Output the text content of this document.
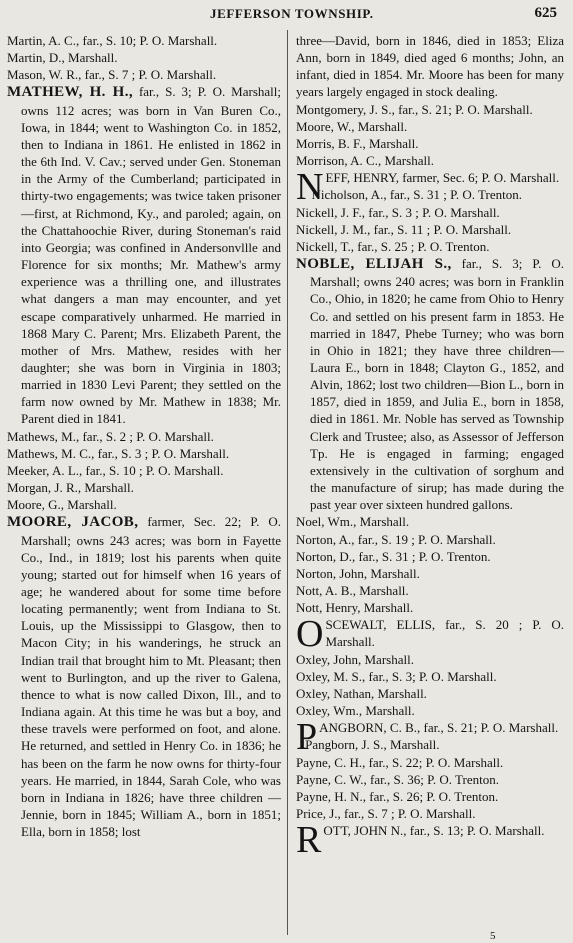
JEFFERSON TOWNSHIP.	625

Martin, A. C., far., S. 10; P. O. Marshall.

Martin, D., Marshall.

Mason, W. R., far., S. 7 ; P. O. Marshall.

MATHEW, H. H., far., S. 3; P. O. Marshall; owns 112 acres; was born in Van Buren Co., Iowa, in 1844; went to Washington Co. in 1852, then to Indiana in 1861. He enlisted in 1862 in the 6th Ind. V. Cav.; served under Gen. Stoneman in the Army of the Cumberland; participated in thirty-two engagements; was twice taken prisoner —first, at Richmond, Ky., and paroled; again, on the Chattahoochie River, during Stoneman's raid into Georgia; was confined in Andersonvllle and Florence for six months; Mr. Mathew's army experience was a thrilling one, and illustrates what dangers a man may encounter, and yet escape comparatively unharmed. He married in 1868 Mary C. Parent; Mrs. Elizabeth Parent, the mother of Mrs. Mathew, resides with her daughter; she was born in Virginia in 1803; married in 1830 Levi Parent; they settled on the farm now owned by Mr. Mathew in 1838; Mr. Parent died in 1841.

Mathews, M., far., S. 2 ; P. O. Marshall.

Mathews, M. C., far., S. 3 ; P. O. Marshall.

Meeker, A. L., far., S. 10 ; P. O. Marshall.

Morgan, J. R., Marshall.

Moore, G., Marshall.

MOORE, JACOB, farmer, Sec. 22; P. O. Marshall; owns 243 acres; was born in Fayette Co., Ind., in 1819; lost his parents when quite young; started out for himself when 16 years of age; he wandered about for some time before locating permanently; went from Indiana to St. Louis, up the Mississippi to Glasgow, then to Macon City; in his wanderings, he struck an Indian trail that brought him to Mt. Pleasant; then went to Burlington, and up the river to Galena, thence to what is now called Dixon, Ill., and to Indiana again. At this time he was but a boy, and these travels were performed on foot, and alone. He returned, and settled in Henry Co. in 1836; he has been on the farm he now owns for thirty-four years. He married, in 1844, Sarah Cole, who was born in Indiana in 1826; have three children —Jennie, born in 1845; William A., born in 1851; Ella, born in 1858; lost

three—David, born in 1846, died in 1853; Eliza Ann, born in 1849, died aged 6 months; John, an infant, died in 1854. Mr. Moore has been for many years largely engaged in stock dealing.

Montgomery, J. S., far., S. 21; P. O. Marshall.

Moore, W., Marshall.

Morris, B. F., Marshall.

Morrison, A. C., Marshall.

NEFF, HENRY, farmer, Sec. 6; P. O. Marshall.

Nicholson, A., far., S. 31 ; P. O. Trenton.

Nickell, J. F., far., S. 3 ; P. O. Marshall.

Nickell, J. M., far., S. 11 ; P. O. Marshall.

Nickell, T., far., S. 25 ; P. O. Trenton.

NOBLE, ELIJAH S., far., S. 3; P. O. Marshall; owns 240 acres; was born in Franklin Co., Ohio, in 1820; he came from Ohio to Henry Co. and settled on his present farm in 1853. He married in 1847, Phebe Turney; who was born in Ohio in 1821; they have three children—Laura E., born in 1848; Clayton G., 1852, and Alvin, 1862; lost two children—Bion L., born in 1857, died in 1859, and Julia E., born in 1858, died in 1861. Mr. Noble has served as Township Clerk and Trustee; also, as Assessor of Jefferson Tp. He is engaged in farming; engaged extensively in the cultivation of sorghum and the manufacture of sirup; has made during the past year over sixteen hundred gallons.

Noel, Wm., Marshall.

Norton, A., far., S. 19 ; P. O. Marshall.

Norton, D., far., S. 31 ; P. O. Trenton.

Norton, John, Marshall.

Nott, A. B., Marshall.

Nott, Henry, Marshall.

OSCEWALT, ELLIS, far., S. 20 ; P. O. Marshall.

Oxley, John, Marshall.

Oxley, M. S., far., S. 3; P. O. Marshall.

Oxley, Nathan, Marshall.

Oxley, Wm., Marshall.

PANGBORN, C. B., far., S. 21; P. O. Marshall.

Pangborn, J. S., Marshall.

Payne, C. H., far., S. 22; P. O. Marshall.

Payne, C. W., far., S. 36; P. O. Trenton.

Payne, H. N., far., S. 26; P. O. Trenton.

Price, J., far., S. 7 ; P. O. Marshall.

ROTT, JOHN N., far., S. 13; P. O. Marshall.

5
